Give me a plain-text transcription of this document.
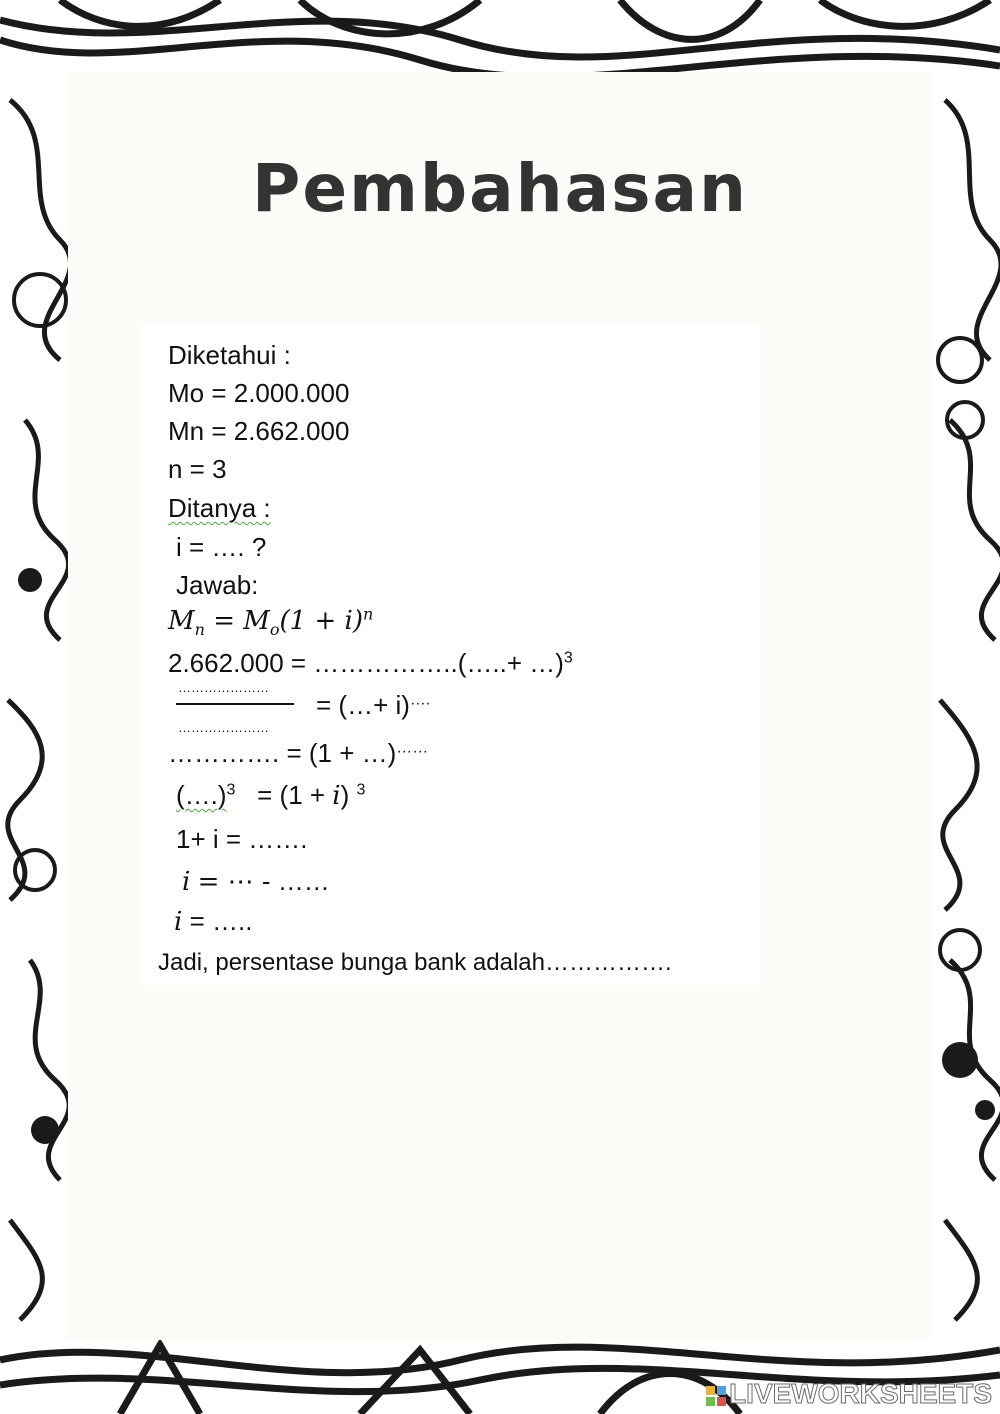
Pembahasan
Diketahui :
Mo = 2.000.000
Mn = 2.662.000
n = 3
Ditanya :
i = …. ?
Jawab:
$M_n = M_o(1 + i)^n$
2.662.000 = ……………..(…..+ …)$^3$
…………………
…………………
= (…+ i)….
…………. = (1 + …)……
(….)$^3$ = (1 + i) $^3$
1+ i = …….
i = ⋯ - ……
i = …..
Jadi, persentase bunga bank adalah…………….
LIVEWORKSHEETS
